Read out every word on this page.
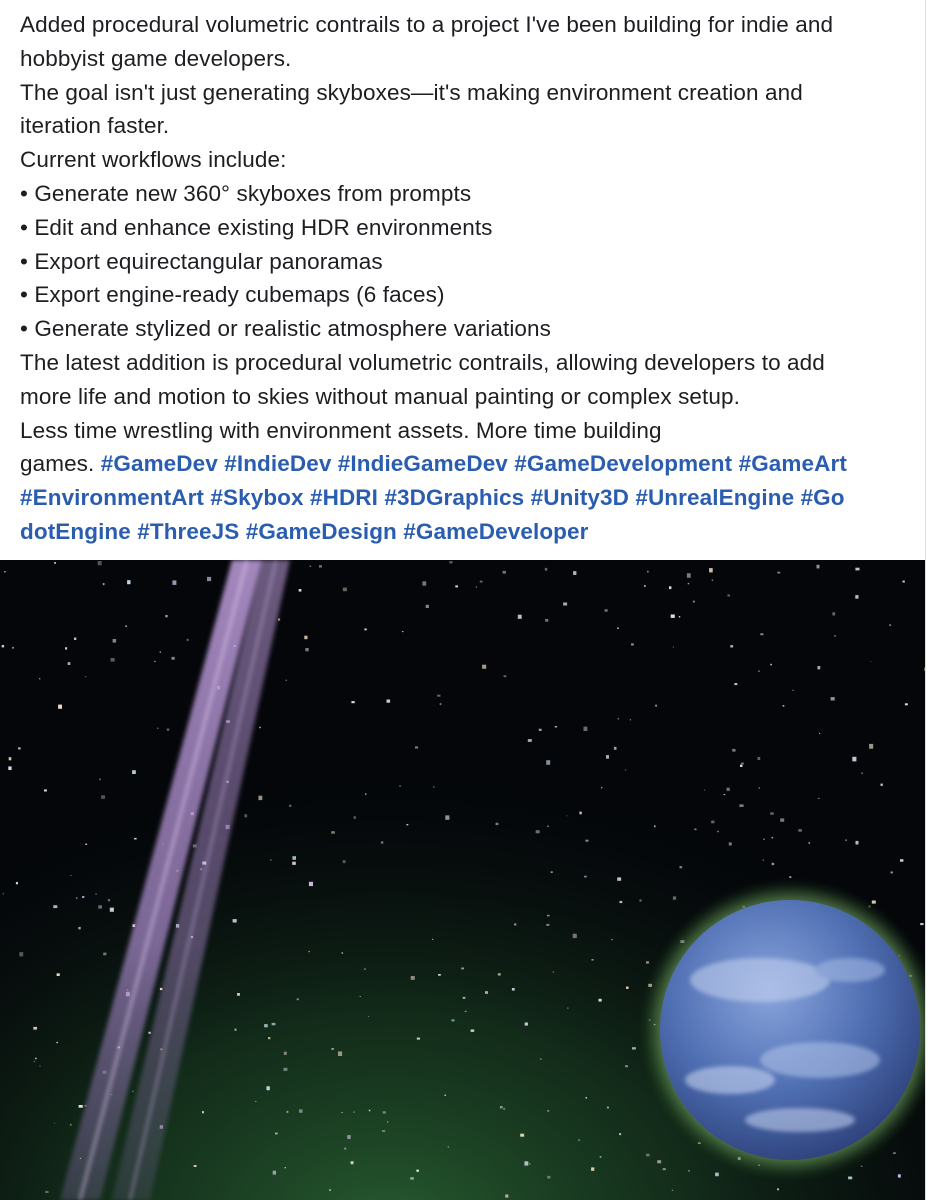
Added procedural volumetric contrails to a project I've been building for indie and
hobbyist game developers.
The goal isn't just generating skyboxes—it's making environment creation and
iteration faster.
Current workflows include:
• Generate new 360° skyboxes from prompts
• Edit and enhance existing HDR environments
• Export equirectangular panoramas
• Export engine-ready cubemaps (6 faces)
• Generate stylized or realistic atmosphere variations
The latest addition is procedural volumetric contrails, allowing developers to add
more life and motion to skies without manual painting or complex setup.
Less time wrestling with environment assets. More time building
games. #GameDev #IndieDev #IndieGameDev #GameDevelopment #GameArt
#EnvironmentArt #Skybox #HDRI #3DGraphics #Unity3D #UnrealEngine #Go
dotEngine #ThreeJS #GameDesign #GameDeveloper
